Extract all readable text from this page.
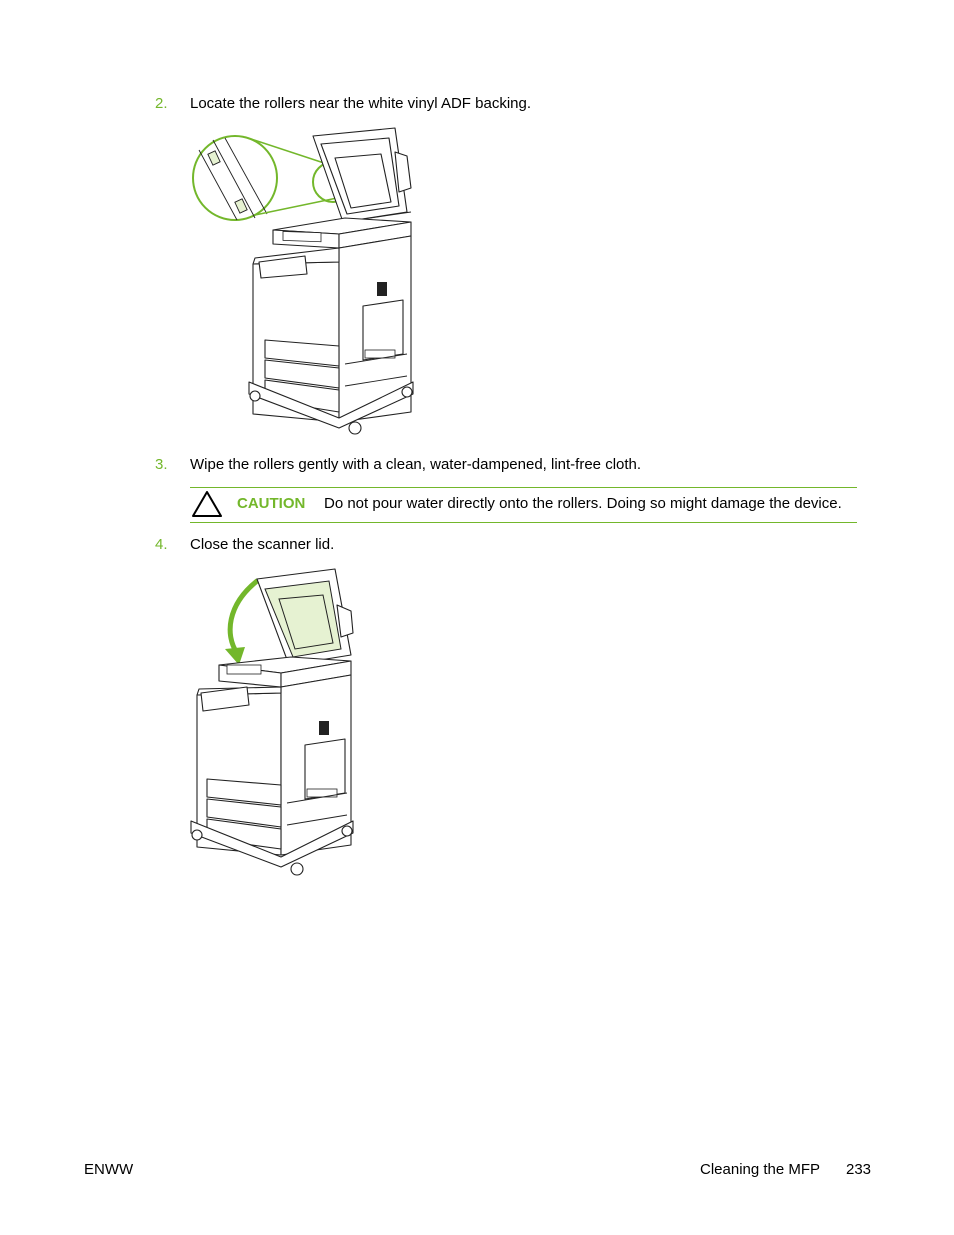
2. Locate the rollers near the white vinyl ADF backing.
3. Wipe the rollers gently with a clean, water-dampened, lint-free cloth.
CAUTION Do not pour water directly onto the rollers. Doing so might damage the device.
4. Close the scanner lid.
ENWW	Cleaning the MFP 233
